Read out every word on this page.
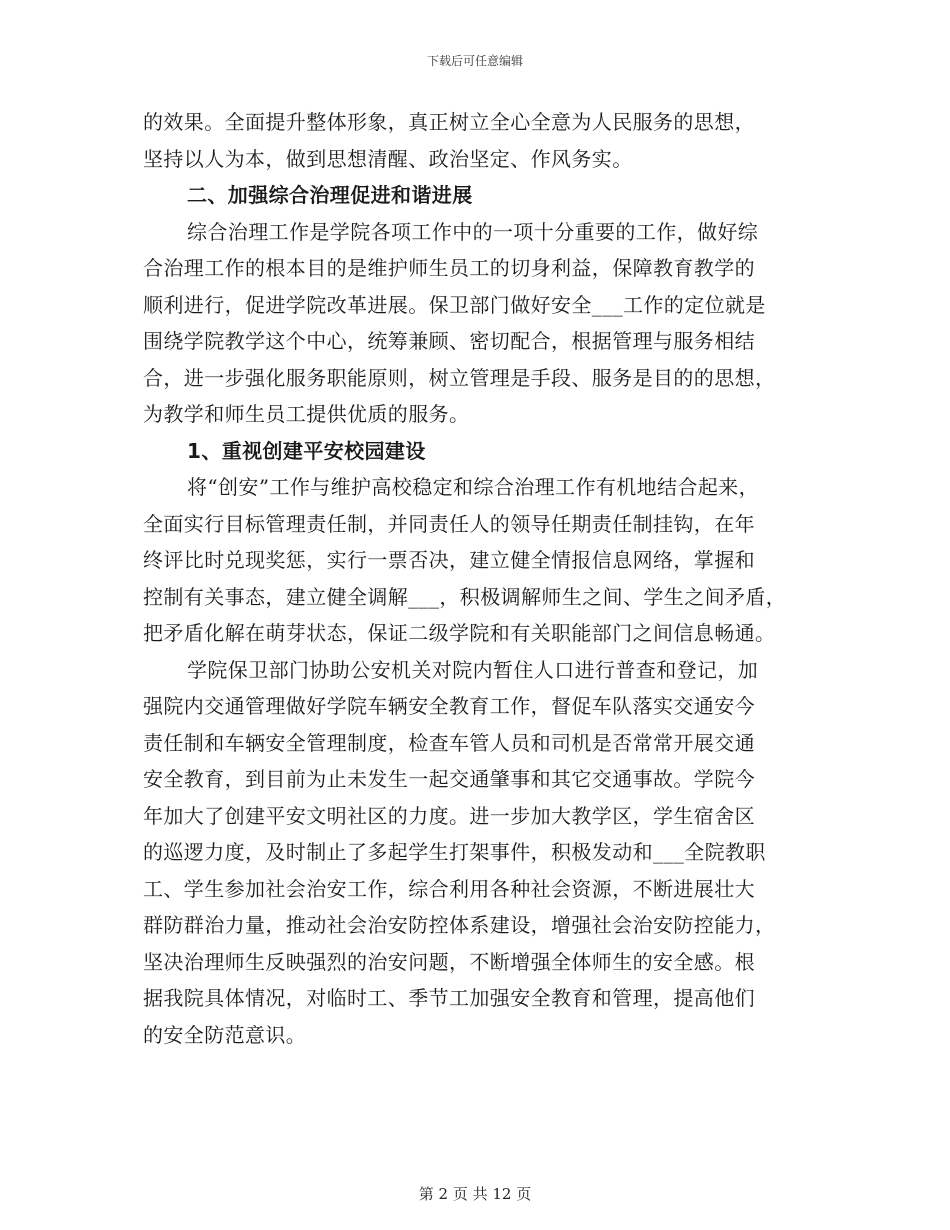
下载后可任意编辑
的效果。全面提升整体形象，真正树立全心全意为人民服务的思想，
坚持以人为本，做到思想清醒、政治坚定、作风务实。
二、加强综合治理促进和谐进展
综合治理工作是学院各项工作中的一项十分重要的工作，做好综
合治理工作的根本目的是维护师生员工的切身利益，保障教育教学的
顺利进行，促进学院改革进展。保卫部门做好安全___工作的定位就是
围绕学院教学这个中心，统筹兼顾、密切配合，根据管理与服务相结
合，进一步强化服务职能原则，树立管理是手段、服务是目的的思想，
为教学和师生员工提供优质的服务。
1、重视创建平安校园建设
将“创安”工作与维护高校稳定和综合治理工作有机地结合起来，
全面实行目标管理责任制，并同责任人的领导任期责任制挂钩，在年
终评比时兑现奖惩，实行一票否决，建立健全情报信息网络，掌握和
控制有关事态，建立健全调解___，积极调解师生之间、学生之间矛盾，
把矛盾化解在萌芽状态，保证二级学院和有关职能部门之间信息畅通。
学院保卫部门协助公安机关对院内暂住人口进行普查和登记，加
强院内交通管理做好学院车辆安全教育工作，督促车队落实交通安今
责任制和车辆安全管理制度，检查车管人员和司机是否常常开展交通
安全教育，到目前为止未发生一起交通肇事和其它交通事故。学院今
年加大了创建平安文明社区的力度。进一步加大教学区，学生宿舍区
的巡逻力度，及时制止了多起学生打架事件，积极发动和___全院教职
工、学生参加社会治安工作，综合利用各种社会资源，不断进展壮大
群防群治力量，推动社会治安防控体系建设，增强社会治安防控能力，
坚决治理师生反映强烈的治安问题，不断增强全体师生的安全感。根
据我院具体情况，对临时工、季节工加强安全教育和管理，提高他们
的安全防范意识。
第 2 页 共 12 页
